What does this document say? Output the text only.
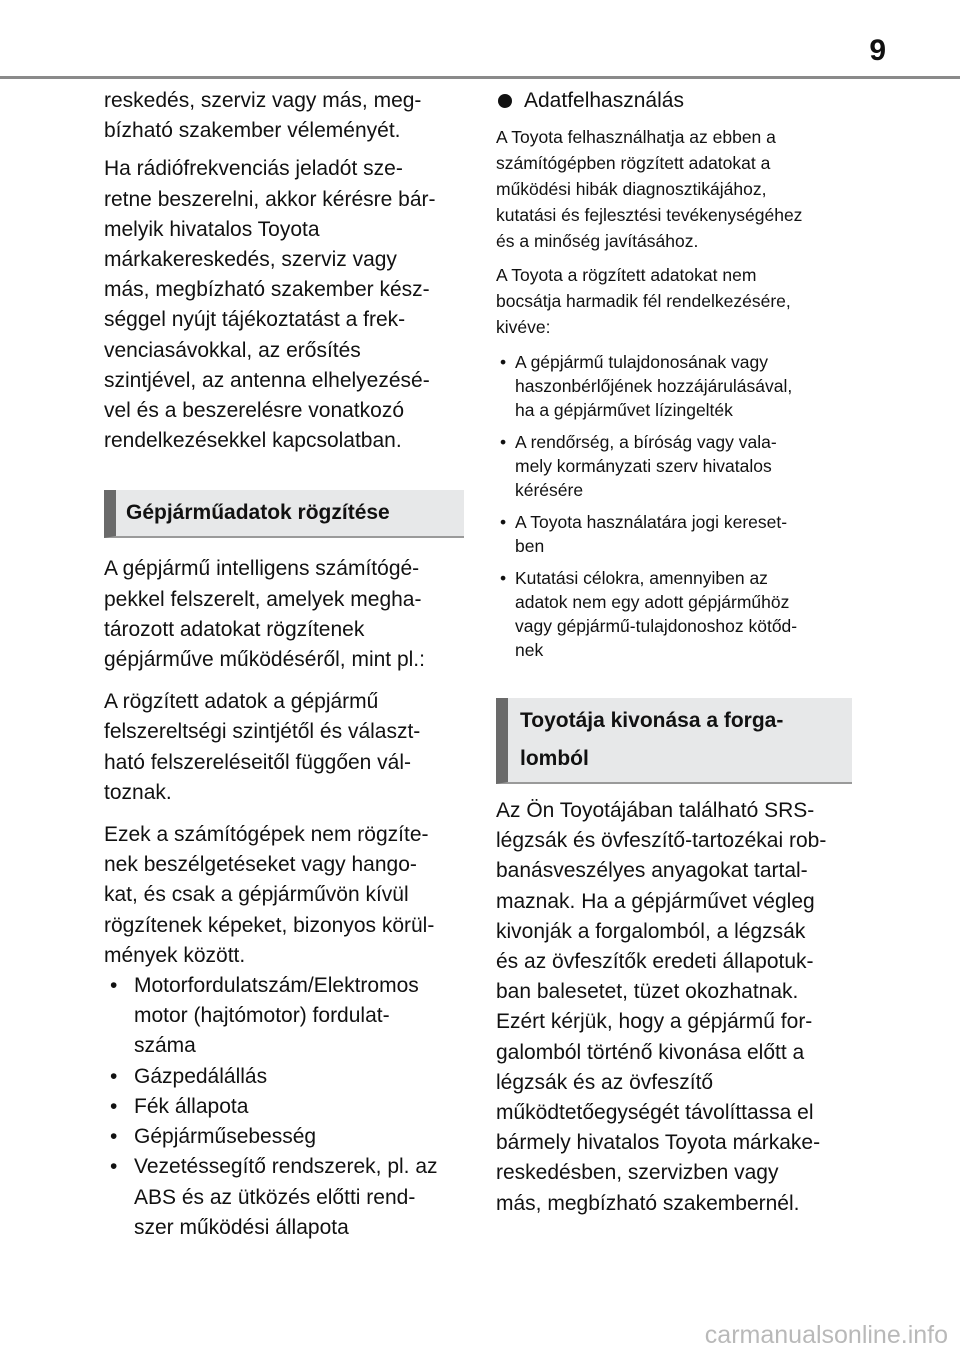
9
reskedés, szerviz vagy más, meg-
bízható szakember véleményét.
Ha rádiófrekvenciás jeladót sze-
retne beszerelni, akkor kérésre bár-
melyik hivatalos Toyota
márkakereskedés, szerviz vagy
más, megbízható szakember kész-
séggel nyújt tájékoztatást a frek-
venciasávokkal, az erősítés
szintjével, az antenna elhelyezésé-
vel és a beszerelésre vonatkozó
rendelkezésekkel kapcsolatban.
Gépjárműadatok rögzítése
A gépjármű intelligens számítógé-
pekkel felszerelt, amelyek megha-
tározott adatokat rögzítenek
gépjárműve működéséről, mint pl.:
A rögzített adatok a gépjármű
felszereltségi szintjétől és választ-
ható felszereléseitől függően vál-
toznak.
Ezek a számítógépek nem rögzíte-
nek beszélgetéseket vagy hango-
kat, és csak a gépjárművön kívül
rögzítenek képeket, bizonyos körül-
mények között.
• Motorfordulatszám/Elektromos
motor (hajtómotor) fordulat-
száma
• Gázpedálállás
• Fék állapota
• Gépjárműsebesség
• Vezetéssegítő rendszerek, pl. az
ABS és az ütközés előtti rend-
szer működési állapota
Adatfelhasználás
A Toyota felhasználhatja az ebben a
számítógépben rögzített adatokat a
működési hibák diagnosztikájához,
kutatási és fejlesztési tevékenységéhez
és a minőség javításához.
A Toyota a rögzített adatokat nem
bocsátja harmadik fél rendelkezésére,
kivéve:
• A gépjármű tulajdonosának vagy
haszonbérlőjének hozzájárulásával,
ha a gépjárművet lízingelték
• A rendőrség, a bíróság vagy vala-
mely kormányzati szerv hivatalos
kérésére
• A Toyota használatára jogi kereset-
ben
• Kutatási célokra, amennyiben az
adatok nem egy adott gépjárműhöz
vagy gépjármű-tulajdonoshoz kötőd-
nek
Toyotája kivonása a forga-
lomból
Az Ön Toyotájában található SRS-
légzsák és övfeszítő-tartozékai rob-
banásveszélyes anyagokat tartal-
maznak. Ha a gépjárművet végleg
kivonják a forgalomból, a légzsák
és az övfeszítők eredeti állapotuk-
ban balesetet, tüzet okozhatnak.
Ezért kérjük, hogy a gépjármű for-
galomból történő kivonása előtt a
légzsák és az övfeszítő
működtetőegységét távolíttassa el
bármely hivatalos Toyota márkake-
reskedésben, szervizben vagy
más, megbízható szakembernél.
carmanualsonline.info
